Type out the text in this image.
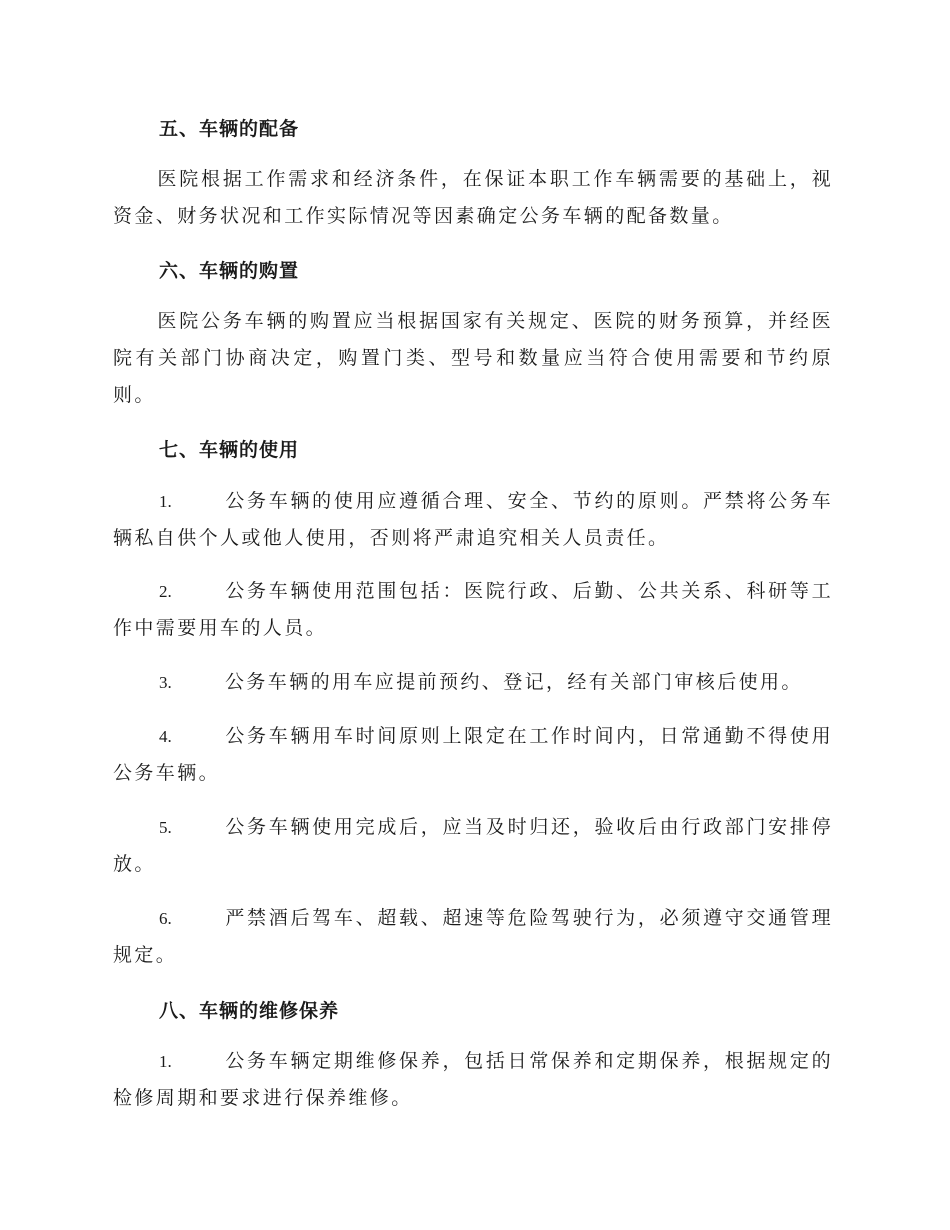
五、车辆的配备
医院根据工作需求和经济条件，在保证本职工作车辆需要的基础上，视资金、财务状况和工作实际情况等因素确定公务车辆的配备数量。
六、车辆的购置
医院公务车辆的购置应当根据国家有关规定、医院的财务预算，并经医院有关部门协商决定，购置门类、型号和数量应当符合使用需要和节约原则。
七、车辆的使用
1.	公务车辆的使用应遵循合理、安全、节约的原则。严禁将公务车辆私自供个人或他人使用，否则将严肃追究相关人员责任。
2.	公务车辆使用范围包括：医院行政、后勤、公共关系、科研等工作中需要用车的人员。
3.	公务车辆的用车应提前预约、登记，经有关部门审核后使用。
4.	公务车辆用车时间原则上限定在工作时间内，日常通勤不得使用公务车辆。
5.	公务车辆使用完成后，应当及时归还，验收后由行政部门安排停放。
6.	严禁酒后驾车、超载、超速等危险驾驶行为，必须遵守交通管理规定。
八、车辆的维修保养
1.	公务车辆定期维修保养，包括日常保养和定期保养，根据规定的检修周期和要求进行保养维修。
